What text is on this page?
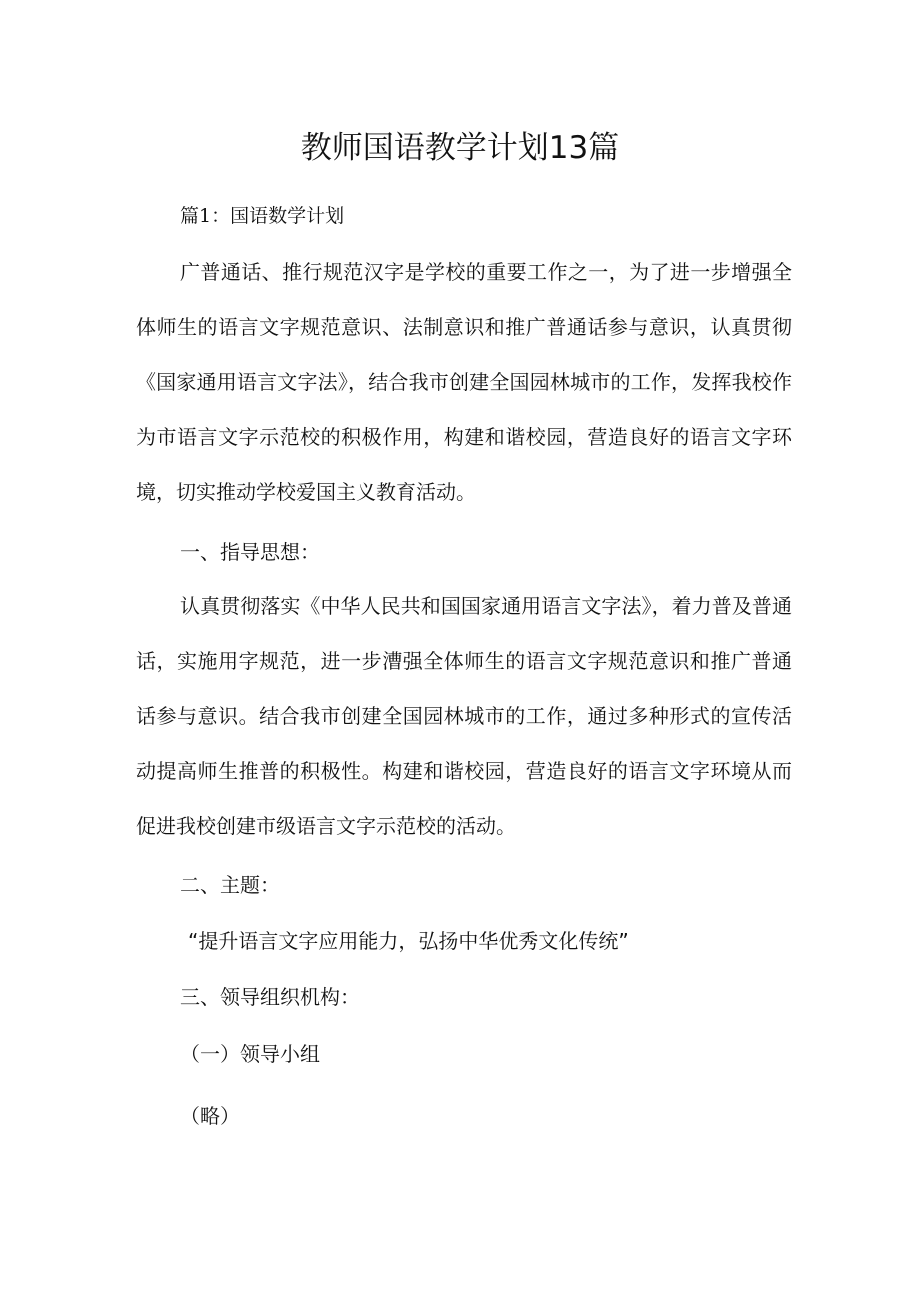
教师国语教学计划13篇

篇1：国语数学计划

广普通话、推行规范汉字是学校的重要工作之一，为了进一步增强全体师生的语言文字规范意识、法制意识和推广普通话参与意识，认真贯彻《国家通用语言文字法》，结合我市创建全国园林城市的工作，发挥我校作为市语言文字示范校的积极作用，构建和谐校园，营造良好的语言文字环境，切实推动学校爱国主义教育活动。

一、指导思想：

认真贯彻落实《中华人民共和国国家通用语言文字法》，着力普及普通话，实施用字规范，进一步漕强全体师生的语言文字规范意识和推广普通话参与意识。结合我市创建全国园林城市的工作，通过多种形式的宣传活动提高师生推普的积极性。构建和谐校园，营造良好的语言文字环境从而促进我校创建市级语言文字示范校的活动。

二、主题：

“提升语言文字应用能力，弘扬中华优秀文化传统”

三、领导组织机构：

（一）领导小组

（略）
